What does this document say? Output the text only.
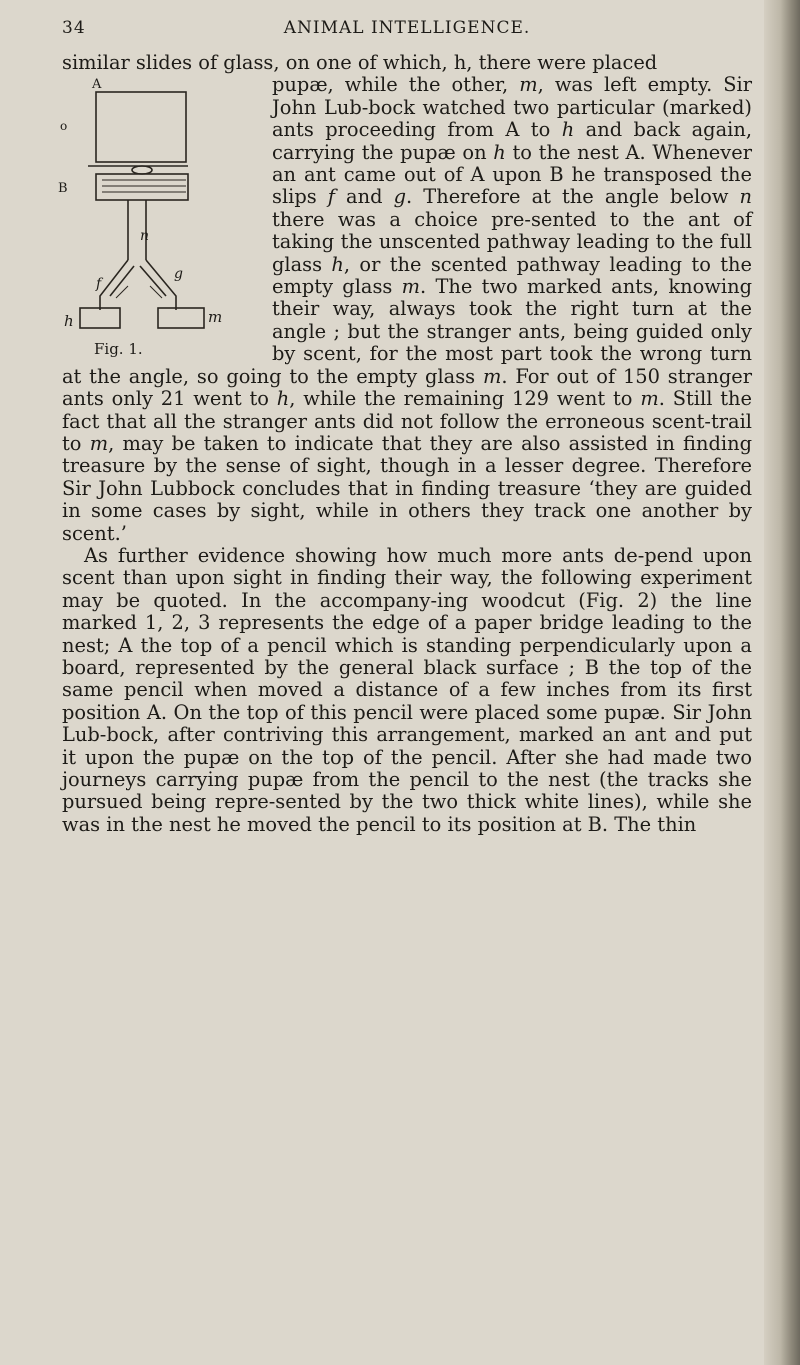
34	ANIMAL INTELLIGENCE.

similar slides of glass, on one of which, h, there were placed

A
o
B
n
f
g
h	m
Fig. 1.
pupæ, while the other, m, was left empty. Sir John Lub-bock watched two particular (marked) ants proceeding from A to h and back again, carrying the pupæ on h to the nest A. Whenever an ant came out of A upon B he transposed the slips f and g. Therefore at the angle below n there was a choice pre-sented to the ant of taking the unscented pathway leading to the full glass h, or the scented pathway leading to the empty glass m. The two marked ants, knowing their way, always took the right turn at the angle ; but the stranger ants, being guided only by scent, for the most part took the wrong turn at the angle, so going to the empty glass m. For out of 150 stranger ants only 21 went to h, while the remaining 129 went to m. Still the fact that all the stranger ants did not follow the erroneous scent-trail to m, may be taken to indicate that they are also assisted in finding treasure by the sense of sight, though in a lesser degree. Therefore Sir John Lubbock concludes that in finding treasure ‘they are guided in some cases by sight, while in others they track one another by scent.’

As further evidence showing how much more ants de-pend upon scent than upon sight in finding their way, the following experiment may be quoted. In the accompany-ing woodcut (Fig. 2) the line marked 1, 2, 3 represents the edge of a paper bridge leading to the nest; A the top of a pencil which is standing perpendicularly upon a board, represented by the general black surface ; B the top of the same pencil when moved a distance of a few inches from its first position A. On the top of this pencil were placed some pupæ. Sir John Lub-bock, after contriving this arrangement, marked an ant and put it upon the pupæ on the top of the pencil. After she had made two journeys carrying pupæ from the pencil to the nest (the tracks she pursued being repre-sented by the two thick white lines), while she was in the nest he moved the pencil to its position at B. The thin
